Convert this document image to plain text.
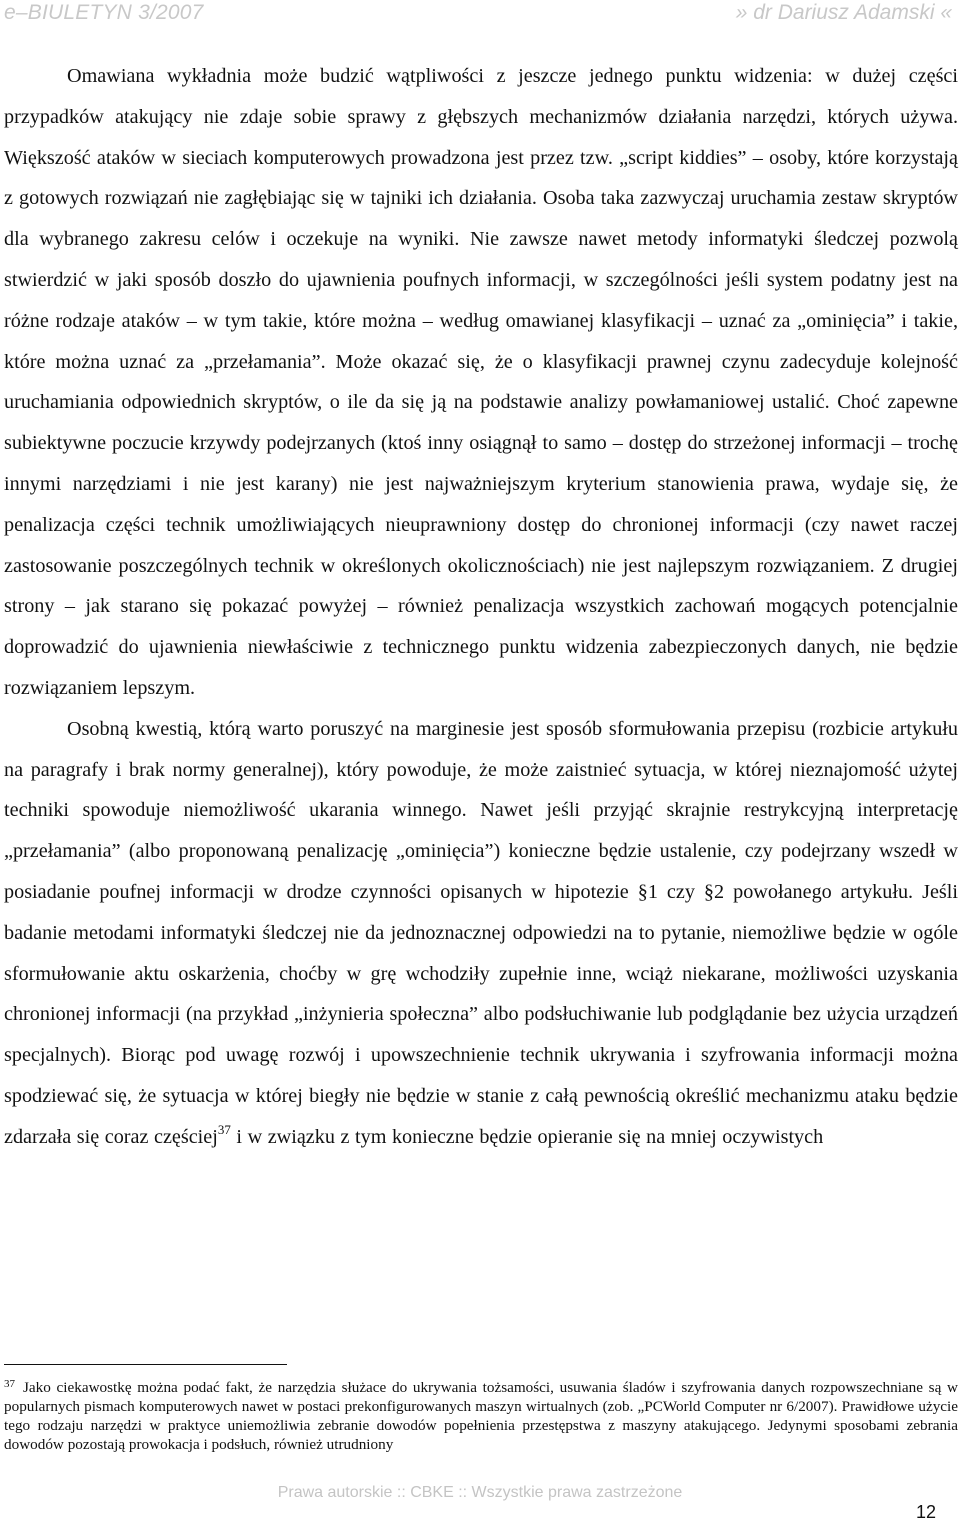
e–BIULETYN 3/2007	» dr Dariusz Adamski «

Omawiana wykładnia może budzić wątpliwości z jeszcze jednego punktu widzenia: w dużej części przypadków atakujący nie zdaje sobie sprawy z głębszych mechanizmów działania narzędzi, których używa. Większość ataków w sieciach komputerowych prowadzona jest przez tzw. „script kiddies” – osoby, które korzystają z gotowych rozwiązań nie zagłębiając się w tajniki ich działania. Osoba taka zazwyczaj uruchamia zestaw skryptów dla wybranego zakresu celów i oczekuje na wyniki. Nie zawsze nawet metody informatyki śledczej pozwolą stwierdzić w jaki sposób doszło do ujawnienia poufnych informacji, w szczególności jeśli system podatny jest na różne rodzaje ataków – w tym takie, które można – według omawianej klasyfikacji – uznać za „ominięcia” i takie, które można uznać za „przełamania”. Może okazać się, że o klasyfikacji prawnej czynu zadecyduje kolejność uruchamiania odpowiednich skryptów, o ile da się ją na podstawie analizy powłamaniowej ustalić. Choć zapewne subiektywne poczucie krzywdy podejrzanych (ktoś inny osiągnął to samo – dostęp do strzeżonej informacji – trochę innymi narzędziami i nie jest karany) nie jest najważniejszym kryterium stanowienia prawa, wydaje się, że penalizacja części technik umożliwiających nieuprawniony dostęp do chronionej informacji (czy nawet raczej zastosowanie poszczególnych technik w określonych okolicznościach) nie jest najlepszym rozwiązaniem. Z drugiej strony – jak starano się pokazać powyżej – również penalizacja wszystkich zachowań mogących potencjalnie doprowadzić do ujawnienia niewłaściwie z technicznego punktu widzenia zabezpieczonych danych, nie będzie rozwiązaniem lepszym.

Osobną kwestią, którą warto poruszyć na marginesie jest sposób sformułowania przepisu (rozbicie artykułu na paragrafy i brak normy generalnej), który powoduje, że może zaistnieć sytuacja, w której nieznajomość użytej techniki spowoduje niemożliwość ukarania winnego. Nawet jeśli przyjąć skrajnie restrykcyjną interpretację „przełamania” (albo proponowaną penalizację „ominięcia”) konieczne będzie ustalenie, czy podejrzany wszedł w posiadanie poufnej informacji w drodze czynności opisanych w hipotezie §1 czy §2 powołanego artykułu. Jeśli badanie metodami informatyki śledczej nie da jednoznacznej odpowiedzi na to pytanie, niemożliwe będzie w ogóle sformułowanie aktu oskarżenia, choćby w grę wchodziły zupełnie inne, wciąż niekarane, możliwości uzyskania chronionej informacji (na przykład „inżynieria społeczna” albo podsłuchiwanie lub podglądanie bez użycia urządzeń specjalnych). Biorąc pod uwagę rozwój i upowszechnienie technik ukrywania i szyfrowania informacji można spodziewać się, że sytuacja w której biegły nie będzie w stanie z całą pewnością określić mechanizmu ataku będzie zdarzała się coraz częściej$^{37}$ i w związku z tym konieczne będzie opieranie się na mniej oczywistych

$^{37}$ Jako ciekawostkę można podać fakt, że narzędzia służace do ukrywania tożsamości, usuwania śladów i szyfrowania danych rozpowszechniane są w popularnych pismach komputerowych nawet w postaci prekonfigurowanych maszyn wirtualnych (zob. „PCWorld Computer nr 6/2007). Prawidłowe użycie tego rodzaju narzędzi w praktyce uniemożliwia zebranie dowodów popełnienia przestępstwa z maszyny atakującego. Jedynymi sposobami zebrania dowodów pozostają prowokacja i podsłuch, również utrudniony

Prawa autorskie :: CBKE :: Wszystkie prawa zastrzeżone
12
